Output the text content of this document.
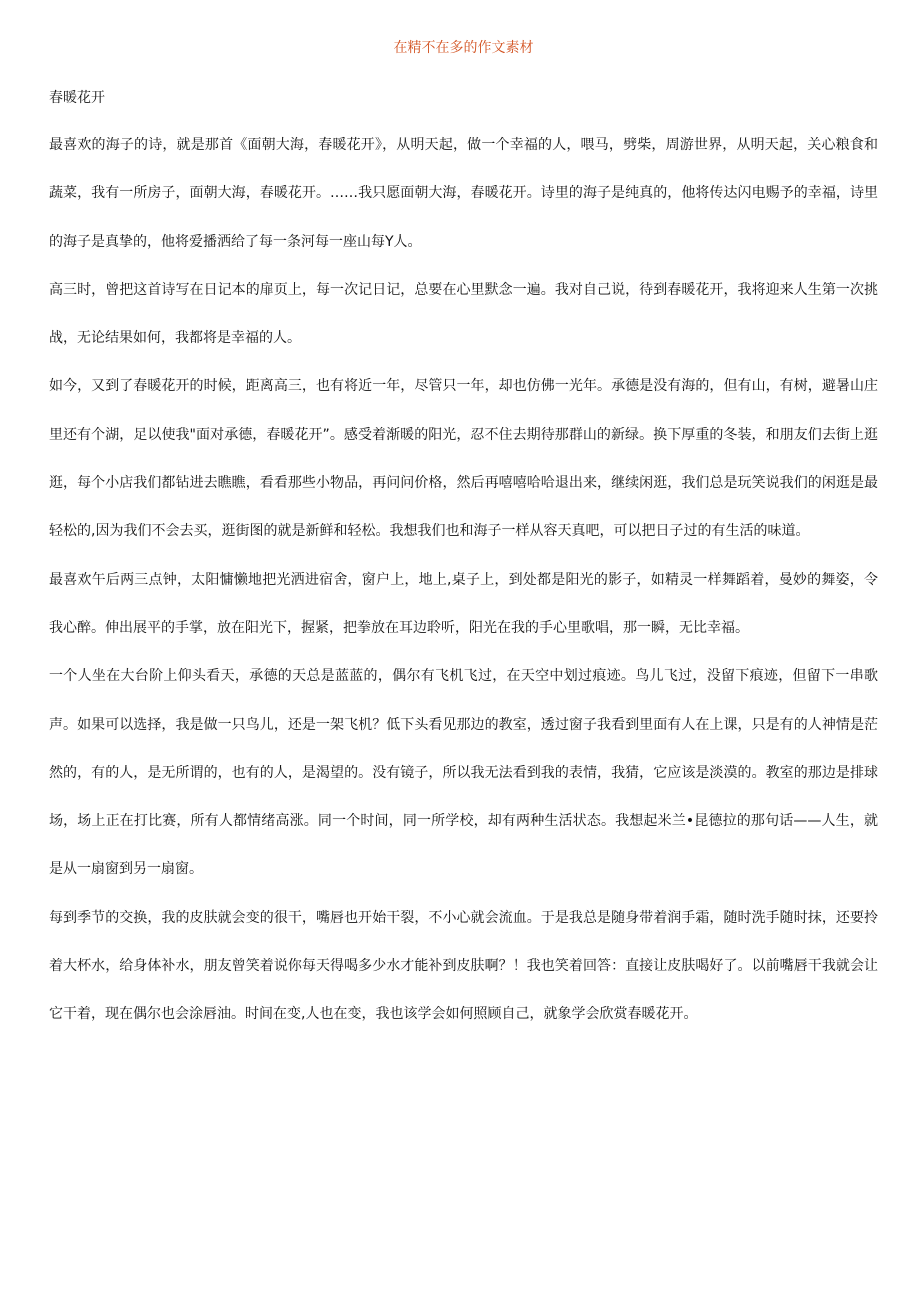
在精不在多的作文素材
春暖花开

最喜欢的海子的诗，就是那首《面朝大海，春暖花开》，从明天起，做一个幸福的人，喂马，劈柴，周游世界，从明天起，关心粮食和蔬菜，我有一所房子，面朝大海，春暖花开。……我只愿面朝大海，春暖花开。诗里的海子是纯真的，他将传达闪电赐予的幸福，诗里的海子是真挚的，他将爱播洒给了每一条河每一座山每Y人。

高三时，曾把这首诗写在日记本的扉页上，每一次记日记，总要在心里默念一遍。我对自己说，待到春暖花开，我将迎来人生第一次挑战，无论结果如何，我都将是幸福的人。

如今，又到了春暖花开的时候，距离高三，也有将近一年，尽管只一年，却也仿佛一光年。承德是没有海的，但有山，有树，避暑山庄里还有个湖，足以使我"面对承德，春暖花开”。感受着渐暖的阳光，忍不住去期待那群山的新绿。换下厚重的冬装，和朋友们去街上逛逛，每个小店我们都钻进去瞧瞧，看看那些小物品，再问问价格，然后再嘻嘻哈哈退出来，继续闲逛，我们总是玩笑说我们的闲逛是最轻松的,因为我们不会去买，逛街图的就是新鲜和轻松。我想我们也和海子一样从容天真吧，可以把日子过的有生活的味道。

最喜欢午后两三点钟，太阳慵懒地把光洒进宿舍，窗户上，地上,桌子上，到处都是阳光的影子，如精灵一样舞蹈着，曼妙的舞姿，令我心醉。伸出展平的手掌，放在阳光下，握紧，把拳放在耳边聆听，阳光在我的手心里歌唱，那一瞬，无比幸福。

一个人坐在大台阶上仰头看天，承德的天总是蓝蓝的，偶尔有飞机飞过，在天空中划过痕迹。鸟儿飞过，没留下痕迹，但留下一串歌声。如果可以选择，我是做一只鸟儿，还是一架飞机？低下头看见那边的教室，透过窗子我看到里面有人在上课，只是有的人神情是茫然的，有的人，是无所谓的，也有的人，是渴望的。没有镜子，所以我无法看到我的表情，我猜，它应该是淡漠的。教室的那边是排球场，场上正在打比赛，所有人都情绪高涨。同一个时间，同一所学校，却有两种生活状态。我想起米兰•昆德拉的那句话——人生，就是从一扇窗到另一扇窗。

每到季节的交换，我的皮肤就会变的很干，嘴唇也开始干裂，不小心就会流血。于是我总是随身带着润手霜，随时洗手随时抹，还要拎着大杯水，给身体补水，朋友曾笑着说你每天得喝多少水才能补到皮肤啊？！我也笑着回答：直接让皮肤喝好了。以前嘴唇干我就会让它干着，现在偶尔也会涂唇油。时间在变,人也在变，我也该学会如何照顾自己，就象学会欣赏春暖花开。
